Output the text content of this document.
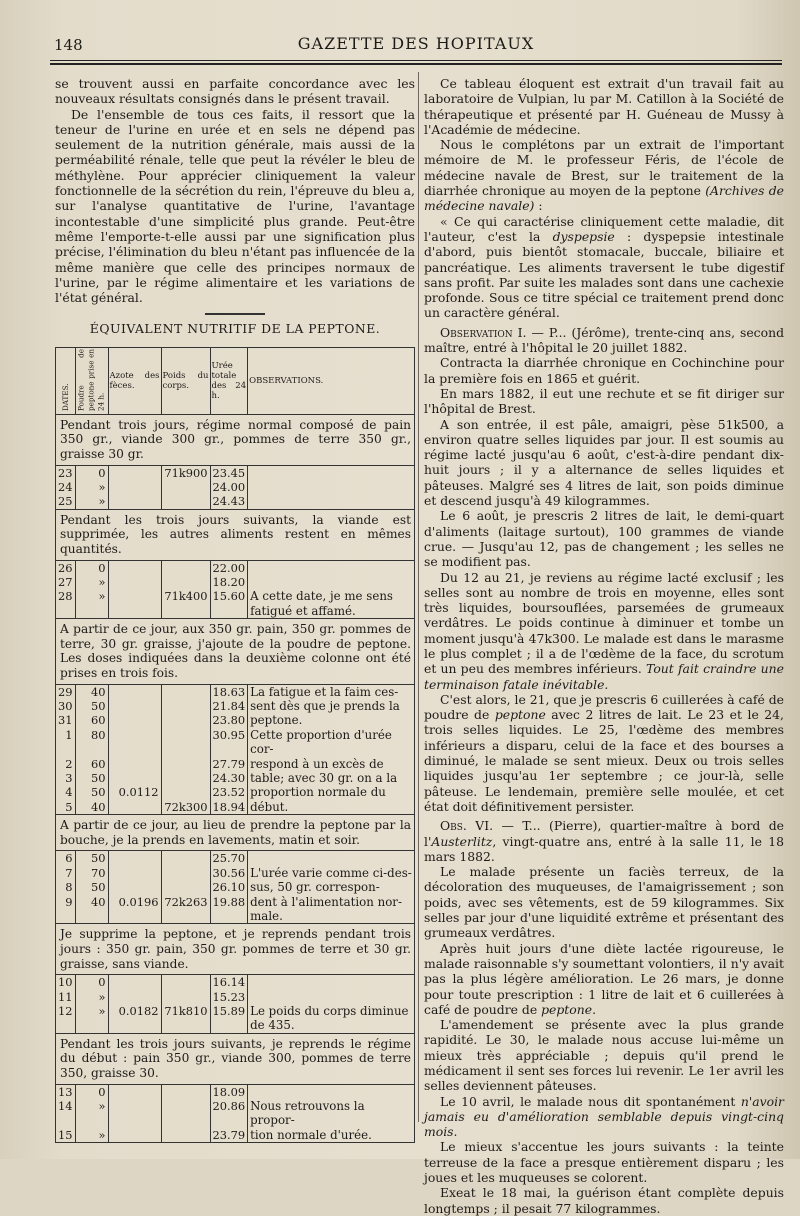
148	GAZETTE DES HOPITAUX

se trouvent aussi en parfaite concordance avec les nouveaux résultats consignés dans le présent travail.

De l'ensemble de tous ces faits, il ressort que la teneur de l'urine en urée et en sels ne dépend pas seulement de la nutrition générale, mais aussi de la perméabilité rénale, telle que peut la révéler le bleu de méthylène. Pour apprécier cliniquement la valeur fonctionnelle de la sécrétion du rein, l'épreuve du bleu a, sur l'analyse quantitative de l'urine, l'avantage incontestable d'une simplicité plus grande. Peut-être même l'emporte-t-elle aussi par une signification plus précise, l'élimination du bleu n'étant pas influencée de la même manière que celle des principes normaux de l'urine, par le régime alimentaire et les variations de l'état général.

ÉQUIVALENT NUTRITIF DE LA PEPTONE.
DATES.	Poudre de peptone prise en 24 h.	Azote des fèces.	Poids du corps.	Urée totale des 24 h.	OBSERVATIONS.
Pendant trois jours, régime normal composé de pain 350 gr., viande 300 gr., pommes de terre 350 gr., graisse 30 gr.					
23	0		71k900	23.45	
24	»			24.00	
25	»			24.43	
Pendant les trois jours suivants, la viande est supprimée, les autres aliments restent en mêmes quantités.					
26	0			22.00	
27	»			18.20	
28	»		71k400	15.60	A cette date, je me sens
					fatigué et affamé.
A partir de ce jour, aux 350 gr. pain, 350 gr. pommes de terre, 30 gr. graisse, j'ajoute de la poudre de peptone. Les doses indiquées dans la deuxième colonne ont été prises en trois fois.					
29	40			18.63	La fatigue et la faim ces-
30	50			21.84	sent dès que je prends la
31	60			23.80	peptone.
1	80			30.95	Cette proportion d'urée cor-
2	60			27.79	respond à un excès de
3	50			24.30	table; avec 30 gr. on a la
4	50	0.0112		23.52	proportion normale du
5	40		72k300	18.94	début.
A partir de ce jour, au lieu de prendre la peptone par la bouche, je la prends en lavements, matin et soir.					
6	50			25.70	
7	70			30.56	L'urée varie comme ci-des-
8	50			26.10	sus, 50 gr. correspon-
9	40	0.0196	72k263	19.88	dent à l'alimentation nor-
					male.
Je supprime la peptone, et je reprends pendant trois jours : 350 gr. pain, 350 gr. pommes de terre et 30 gr. graisse, sans viande.					
10	0			16.14	
11	»			15.23	
12	»	0.0182	71k810	15.89	Le poids du corps diminue
					de 435.
Pendant les trois jours suivants, je reprends le régime du début : pain 350 gr., viande 300, pommes de terre 350, graisse 30.					
13	0			18.09	
14	»			20.86	Nous retrouvons la propor-
15	»			23.79	tion normale d'urée.

Ce tableau éloquent est extrait d'un travail fait au laboratoire de Vulpian, lu par M. Catillon à la Société de thérapeutique et présenté par H. Guéneau de Mussy à l'Académie de médecine.

Nous le complétons par un extrait de l'important mémoire de M. le professeur Féris, de l'école de médecine navale de Brest, sur le traitement de la diarrhée chronique au moyen de la peptone (Archives de médecine navale) :

« Ce qui caractérise cliniquement cette maladie, dit l'auteur, c'est la dyspepsie : dyspepsie intestinale d'abord, puis bientôt stomacale, buccale, biliaire et pancréatique. Les aliments traversent le tube digestif sans profit. Par suite les malades sont dans une cachexie profonde. Sous ce titre spécial ce traitement prend donc un caractère général.

Observation I. — P... (Jérôme), trente-cinq ans, second maître, entré à l'hôpital le 20 juillet 1882.

Contracta la diarrhée chronique en Cochinchine pour la première fois en 1865 et guérit.

En mars 1882, il eut une rechute et se fit diriger sur l'hôpital de Brest.

A son entrée, il est pâle, amaigri, pèse 51k500, a environ quatre selles liquides par jour. Il est soumis au régime lacté jusqu'au 6 août, c'est-à-dire pendant dix-huit jours ; il y a alternance de selles liquides et pâteuses. Malgré ses 4 litres de lait, son poids diminue et descend jusqu'à 49 kilogrammes.

Le 6 août, je prescris 2 litres de lait, le demi-quart d'aliments (laitage surtout), 100 grammes de viande crue. — Jusqu'au 12, pas de changement ; les selles ne se modifient pas.

Du 12 au 21, je reviens au régime lacté exclusif ; les selles sont au nombre de trois en moyenne, elles sont très liquides, boursouflées, parsemées de grumeaux verdâtres. Le poids continue à diminuer et tombe un moment jusqu'à 47k300. Le malade est dans le marasme le plus complet ; il a de l'œdème de la face, du scrotum et un peu des membres inférieurs. Tout fait craindre une terminaison fatale inévitable.

C'est alors, le 21, que je prescris 6 cuillerées à café de poudre de peptone avec 2 litres de lait. Le 23 et le 24, trois selles liquides. Le 25, l'œdème des membres inférieurs a disparu, celui de la face et des bourses a diminué, le malade se sent mieux. Deux ou trois selles liquides jusqu'au 1er septembre ; ce jour-là, selle pâteuse. Le lendemain, première selle moulée, et cet état doit définitivement persister.

Obs. VI. — T... (Pierre), quartier-maître à bord de l'Austerlitz, vingt-quatre ans, entré à la salle 11, le 18 mars 1882.

Le malade présente un faciès terreux, de la décoloration des muqueuses, de l'amaigrissement ; son poids, avec ses vêtements, est de 59 kilogrammes. Six selles par jour d'une liquidité extrême et présentant des grumeaux verdâtres.

Après huit jours d'une diète lactée rigoureuse, le malade raisonnable s'y soumettant volontiers, il n'y avait pas la plus légère amélioration. Le 26 mars, je donne pour toute prescription : 1 litre de lait et 6 cuillerées à café de poudre de peptone.

L'amendement se présente avec la plus grande rapidité. Le 30, le malade nous accuse lui-même un mieux très appréciable ; depuis qu'il prend le médicament il sent ses forces lui revenir. Le 1er avril les selles deviennent pâteuses.

Le 10 avril, le malade nous dit spontanément n'avoir jamais eu d'amélioration semblable depuis vingt-cinq mois.

Le mieux s'accentue les jours suivants : la teinte terreuse de la face a presque entièrement disparu ; les joues et les muqueuses se colorent.

Exeat le 18 mai, la guérison étant complète depuis longtemps ; il pesait 77 kilogrammes.
